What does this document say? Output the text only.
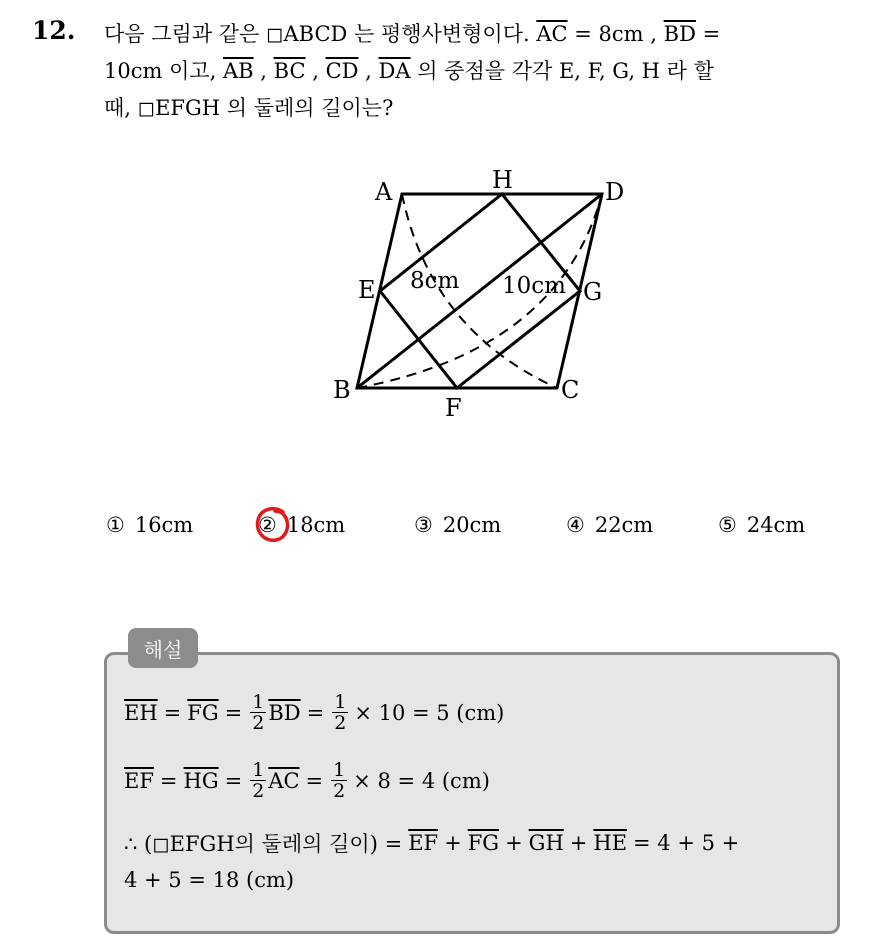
12. 다음 그림과 같은 ◻ABCD 는 평행사변형이다. $\overline{AC} = 8cm$ , $\overline{BD}$ =
10cm 이고, $\overline{AB}$ , $\overline{BC}$ , $\overline{CD}$ , $\overline{DA}$ 의 중점을 각각 E, F, G, H 라 할
때, ◻EFGH 의 둘레의 길이는?
A	H	D
E	G
B
F
C
8cm 10cm
① 16cm	② 18cm	③ 20cm	④ 22cm	⑤ 24cm
해설
$\overline{EH} = \overline{FG} = \frac{1}{2} \overline{BD} = \frac{1}{2} \times 10 = 5$ (cm)
$\overline{EF} = \overline{HG} = \frac{1}{2} \overline{AC} = \frac{1}{2} \times 8 = 4$ (cm)
∴ (◻EFGH의 둘레의 길이) = $\overline{EF} + \overline{FG} + \overline{GH} + \overline{HE} = 4 + 5$ +
4 + 5 = 18 (cm)
